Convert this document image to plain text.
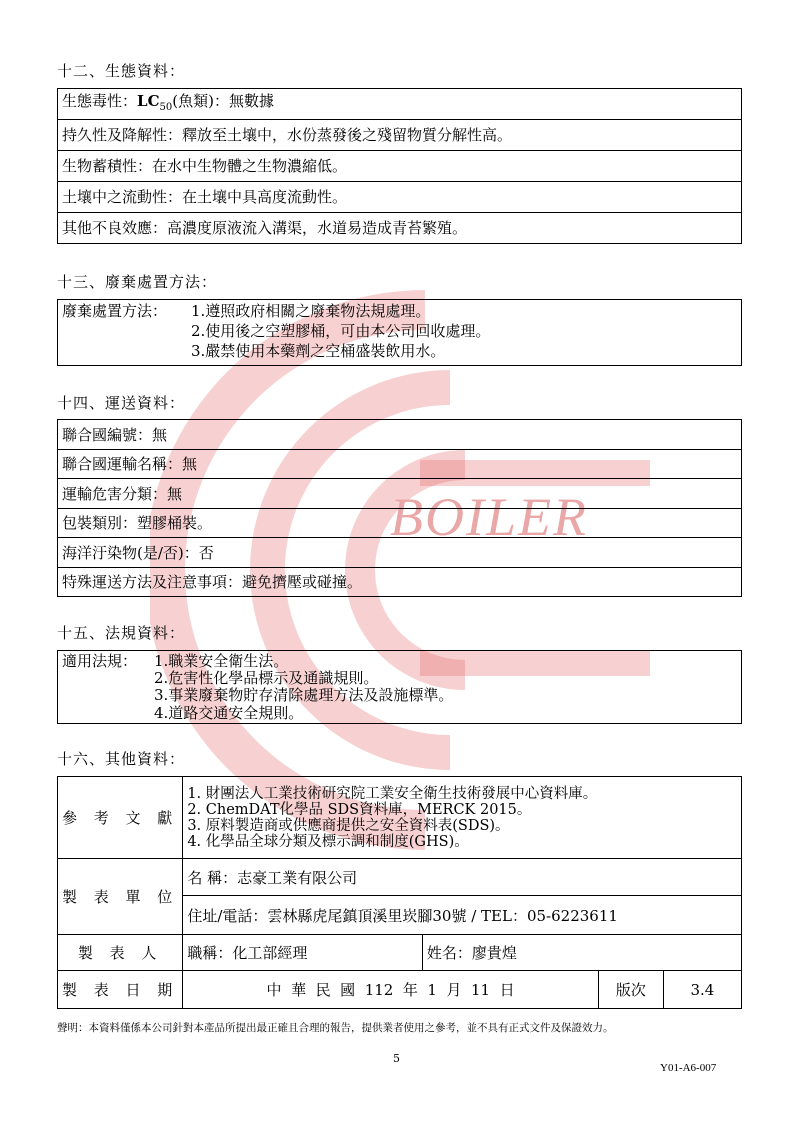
BOILER
十二、生態資料：
生態毒性：$LC_{50}$(魚類)：無數據
持久性及降解性：釋放至土壤中，水份蒸發後之殘留物質分解性高。
生物蓄積性：在水中生物體之生物濃縮低。
土壤中之流動性：在土壤中具高度流動性。
其他不良效應：高濃度原液流入溝渠，水道易造成青苔繁殖。
十三、廢棄處置方法：
廢棄處置方法： 1.遵照政府相關之廢棄物法規處理。
2.使用後之空塑膠桶，可由本公司回收處理。
3.嚴禁使用本藥劑之空桶盛裝飲用水。
十四、運送資料：
聯合國編號：無
聯合國運輸名稱：無
運輸危害分類：無
包裝類別：塑膠桶裝。
海洋汙染物(是/否)：否
特殊運送方法及注意事項：避免擠壓或碰撞。
十五、法規資料：
適用法規： 1.職業安全衛生法。
2.危害性化學品標示及通識規則。
3.事業廢棄物貯存清除處理方法及設施標準。
4.道路交通安全規則。
十六、其他資料：
參 考 文 獻	1. 財團法人工業技術研究院工業安全衛生技術發展中心資料庫。
2. ChemDAT化學品 SDS資料庫，MERCK 2015。
3. 原料製造商或供應商提供之安全資料表(SDS)。
4. 化學品全球分類及標示調和制度(GHS)。			

製 表 單 位	名 稱：志豪工業有限公司			
	住址/電話：雲林縣虎尾鎮頂溪里崁腳30號 / TEL：05-6223611			
製 表 人	職稱：化工部經理	姓名：廖貴煌		
製 表 日 期	中  華  民  國  112  年  1  月  11  日		版次	3.4
聲明：本資料僅係本公司針對本產品所提出最正確且合理的報告，提供業者使用之參考，並不具有正式文件及保證效力。
5
Y01-A6-007
